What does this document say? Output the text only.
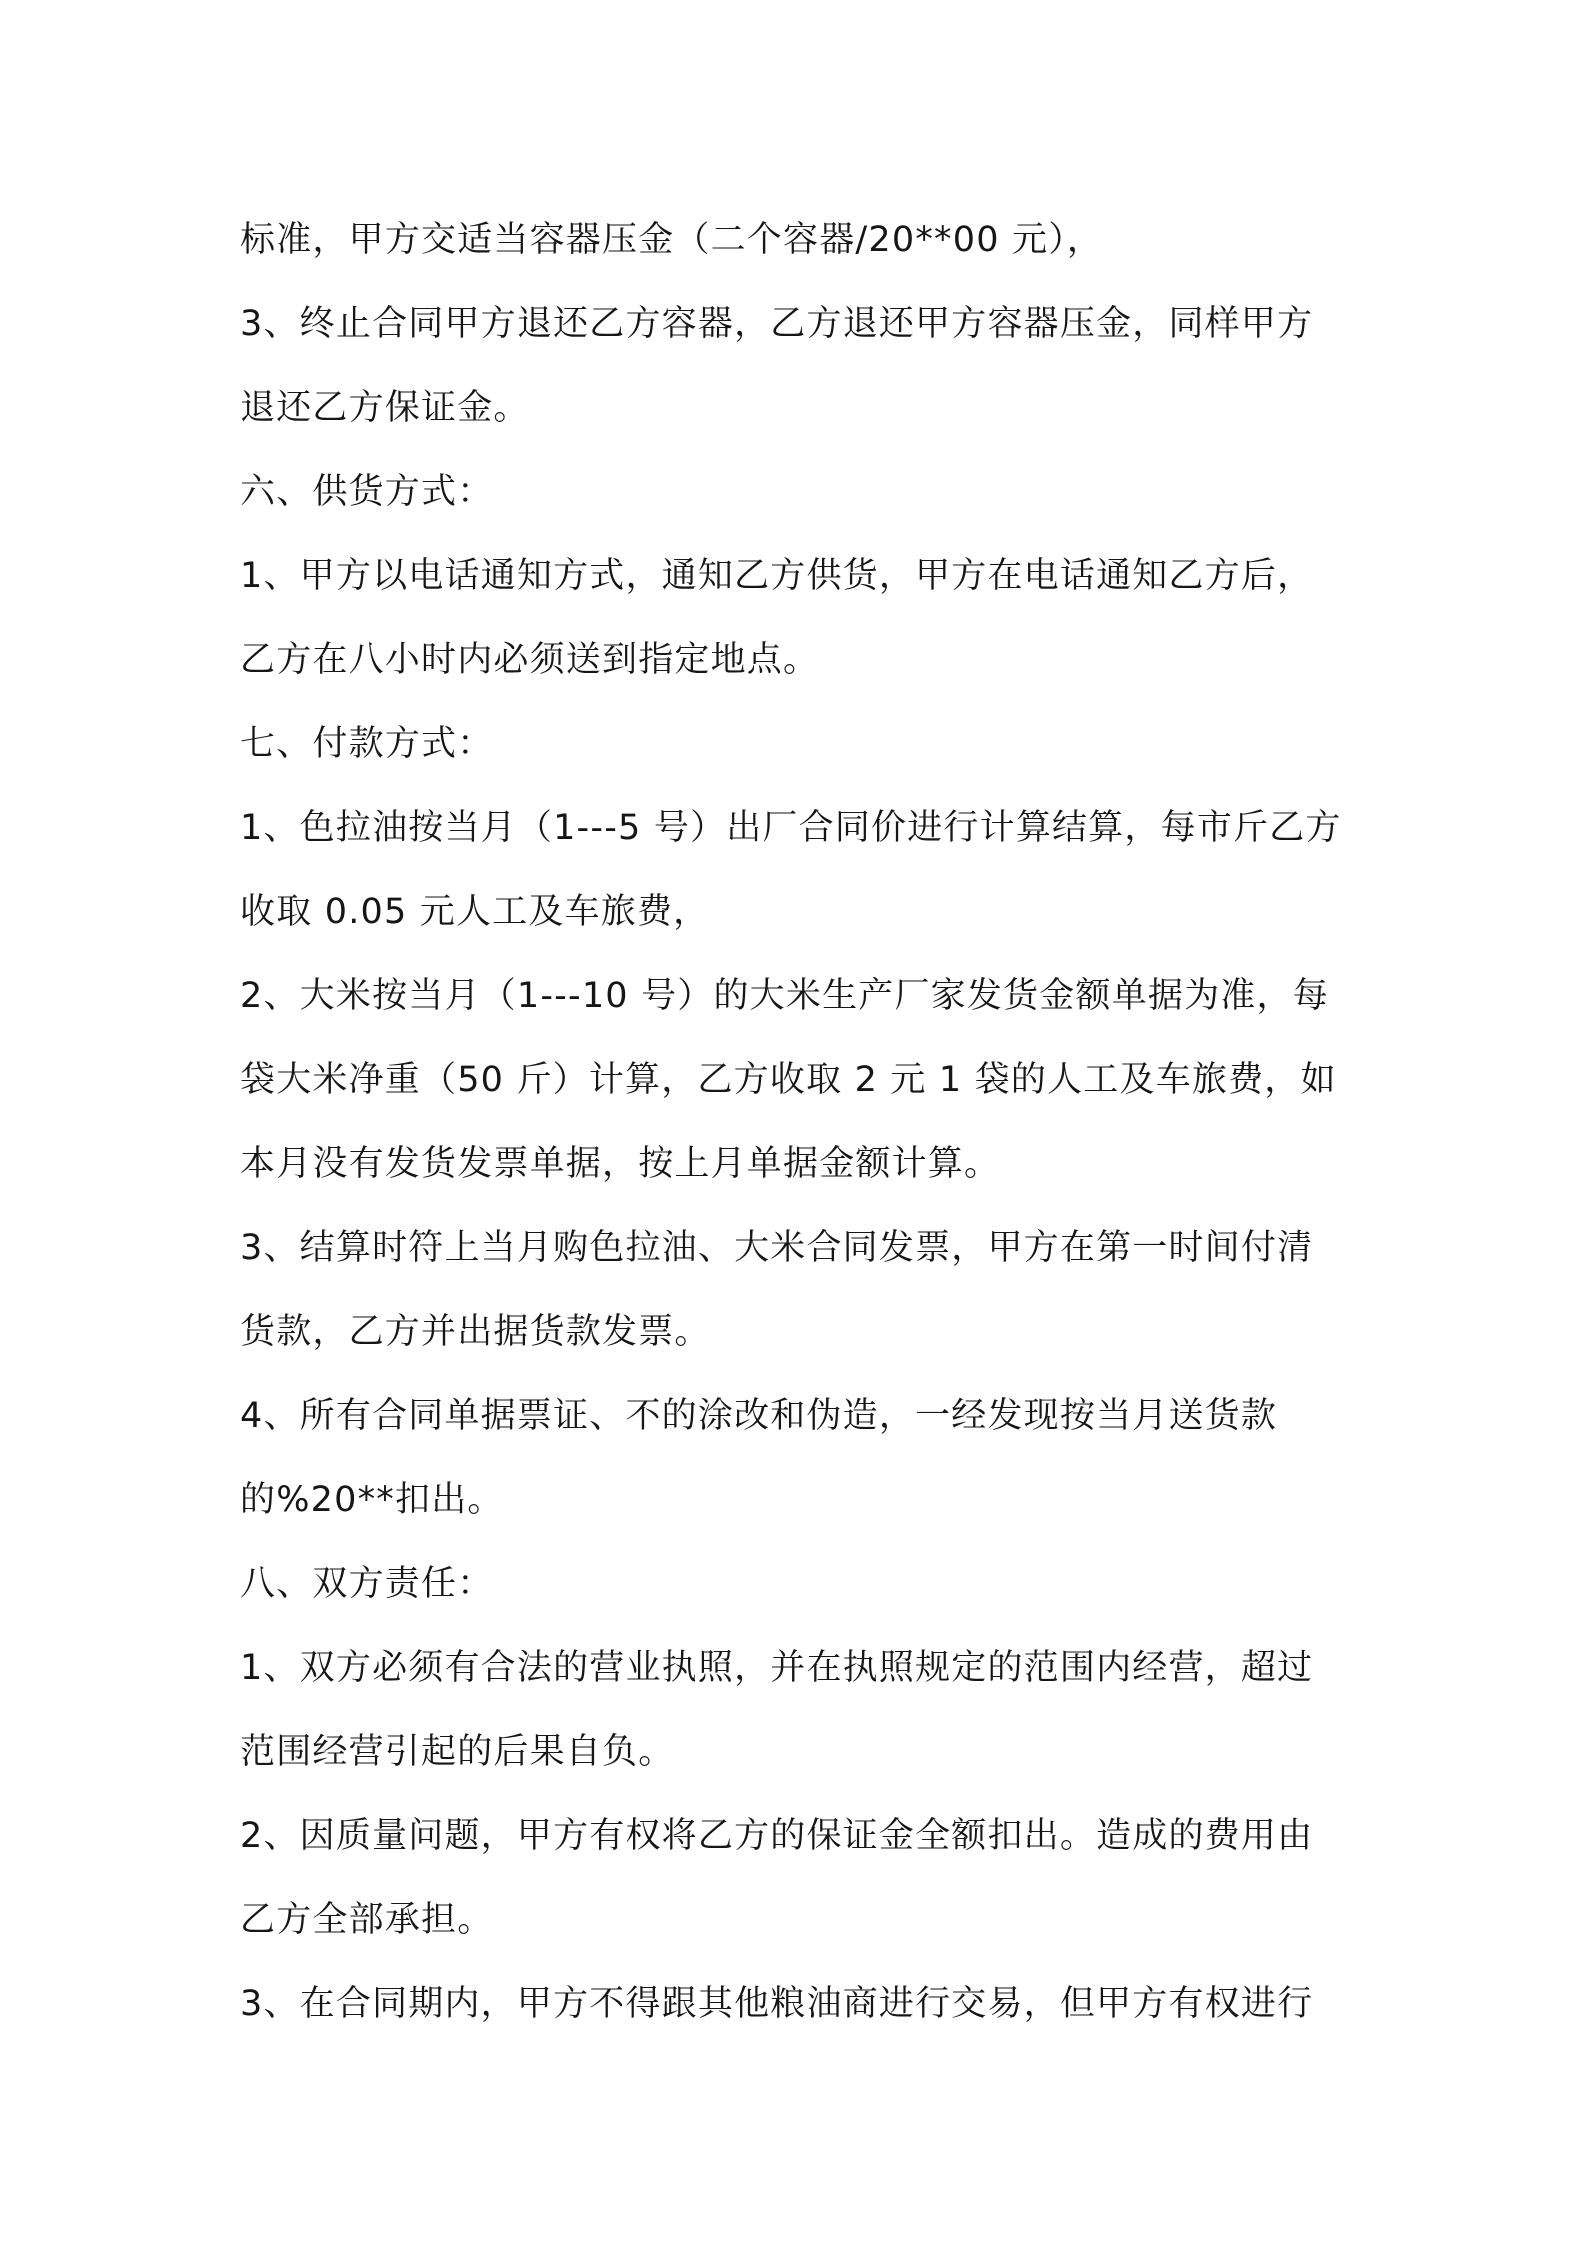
标准，甲方交适当容器压金（二个容器/20**00 元），

3、终止合同甲方退还乙方容器，乙方退还甲方容器压金，同样甲方

退还乙方保证金。

六、供货方式：

1、甲方以电话通知方式，通知乙方供货，甲方在电话通知乙方后，

乙方在八小时内必须送到指定地点。

七、付款方式：

1、色拉油按当月（1---5 号）出厂合同价进行计算结算，每市斤乙方

收取 0.05 元人工及车旅费，

2、大米按当月（1---10 号）的大米生产厂家发货金额单据为准，每

袋大米净重（50 斤）计算，乙方收取 2 元 1 袋的人工及车旅费，如

本月没有发货发票单据，按上月单据金额计算。

3、结算时符上当月购色拉油、大米合同发票，甲方在第一时间付清

货款，乙方并出据货款发票。

4、所有合同单据票证、不的涂改和伪造，一经发现按当月送货款

的%20**扣出。

八、双方责任：

1、双方必须有合法的营业执照，并在执照规定的范围内经营，超过

范围经营引起的后果自负。

2、因质量问题，甲方有权将乙方的保证金全额扣出。造成的费用由

乙方全部承担。

3、在合同期内，甲方不得跟其他粮油商进行交易，但甲方有权进行
